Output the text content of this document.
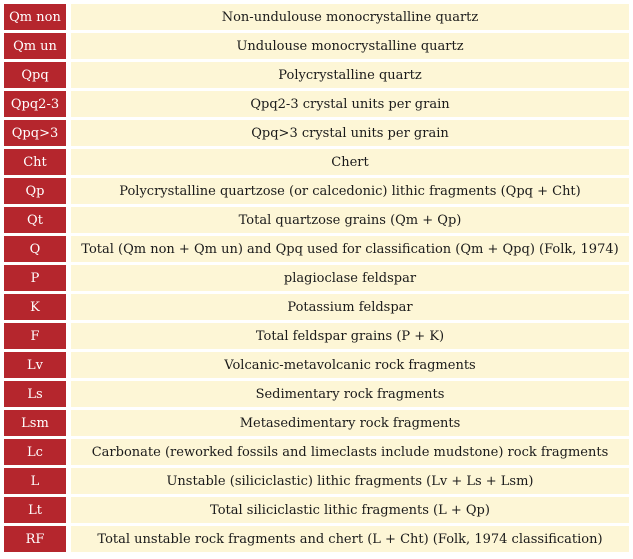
Qm non	Non-undulouse monocrystalline quartz
Qm un	Undulouse monocrystalline quartz
Qpq	Polycrystalline quartz
Qpq2-3	Qpq2-3 crystal units per grain
Qpq>3	Qpq>3 crystal units per grain
Cht	Chert
Qp	Polycrystalline quartzose (or calcedonic) lithic fragments (Qpq + Cht)
Qt	Total quartzose grains (Qm + Qp)
Q	Total (Qm non + Qm un) and Qpq used for classification (Qm + Qpq) (Folk, 1974)
P	plagioclase feldspar
K	Potassium feldspar
F	Total feldspar grains (P + K)
Lv	Volcanic-metavolcanic rock fragments
Ls	Sedimentary rock fragments
Lsm	Metasedimentary rock fragments
Lc	Carbonate (reworked fossils and limeclasts include mudstone) rock fragments
L	Unstable (siliciclastic) lithic fragments (Lv + Ls + Lsm)
Lt	Total siliciclastic lithic fragments (L + Qp)
RF	Total unstable rock fragments and chert (L + Cht) (Folk, 1974 classification)
